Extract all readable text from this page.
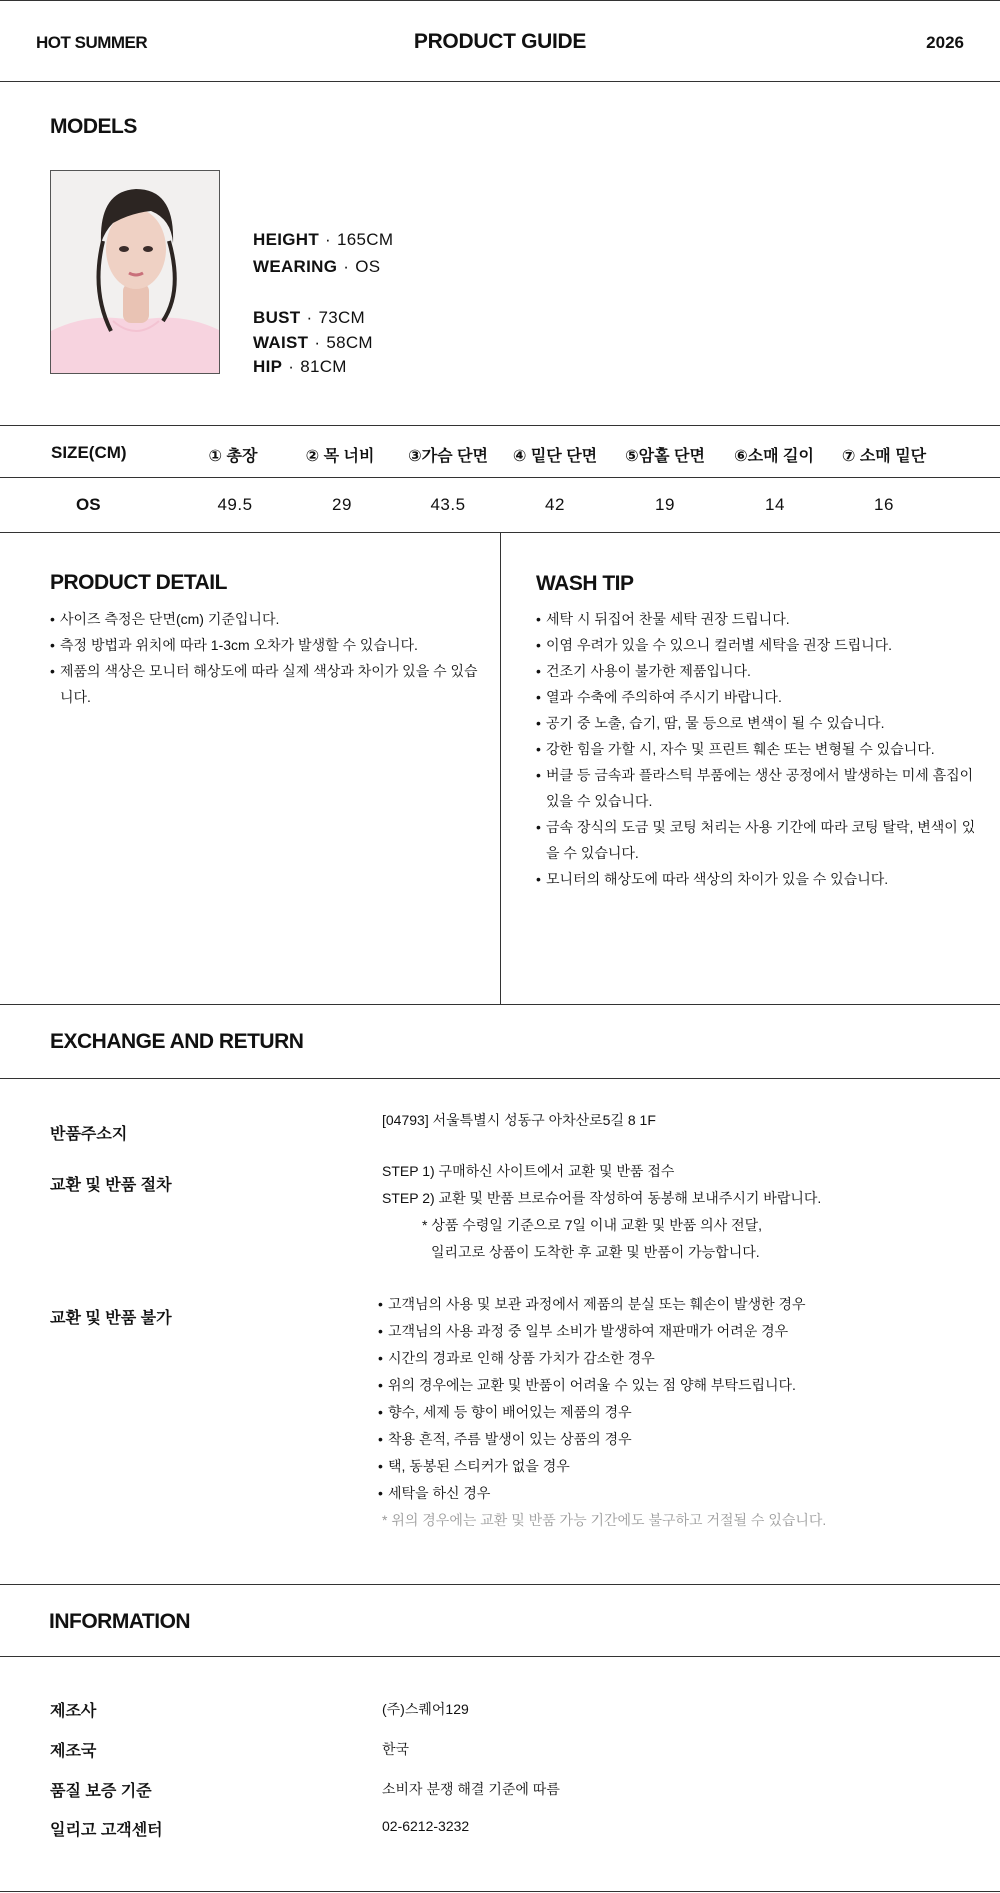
HOT SUMMER	PRODUCT GUIDE	2026
MODELS
HEIGHT · 165CM
WEARING · OS
BUST · 73CM
WAIST · 58CM
HIP · 81CM
SIZE(CM)	① 총장	② 목 너비	③가슴 단면	④ 밑단 단면	⑤암홀 단면	⑥소매 길이	⑦ 소매 밑단
OS	49.5	29	43.5	42	19	14	16
PRODUCT DETAIL
• 사이즈 측정은 단면(cm) 기준입니다.
• 측정 방법과 위치에 따라 1-3cm 오차가 발생할 수 있습니다.
• 제품의 색상은 모니터 해상도에 따라 실제 색상과 차이가 있을 수 있습니다.
WASH TIP
• 세탁 시 뒤집어 찬물 세탁 권장 드립니다.
• 이염 우려가 있을 수 있으니 컬러별 세탁을 권장 드립니다.
• 건조기 사용이 불가한 제품입니다.
• 열과 수축에 주의하여 주시기 바랍니다.
• 공기 중 노출, 습기, 땀, 물 등으로 변색이 될 수 있습니다.
• 강한 힘을 가할 시, 자수 및 프린트 훼손 또는 변형될 수 있습니다.
• 버클 등 금속과 플라스틱 부품에는 생산 공정에서 발생하는 미세 흠집이 있을 수 있습니다.
• 금속 장식의 도금 및 코팅 처리는 사용 기간에 따라 코팅 탈락, 변색이 있을 수 있습니다.
• 모니터의 해상도에 따라 색상의 차이가 있을 수 있습니다.
EXCHANGE AND RETURN
반품주소지
[04793] 서울특별시 성동구 아차산로5길 8 1F
교환 및 반품 절차
STEP 1) 구매하신 사이트에서 교환 및 반품 접수
STEP 2) 교환 및 반품 브로슈어를 작성하여 동봉해 보내주시기 바랍니다.
* 상품 수령일 기준으로 7일 이내 교환 및 반품 의사 전달,
일리고로 상품이 도착한 후 교환 및 반품이 가능합니다.
교환 및 반품 불가
• 고객님의 사용 및 보관 과정에서 제품의 분실 또는 훼손이 발생한 경우
• 고객님의 사용 과정 중 일부 소비가 발생하여 재판매가 어려운 경우
• 시간의 경과로 인해 상품 가치가 감소한 경우
• 위의 경우에는 교환 및 반품이 어려울 수 있는 점 양해 부탁드립니다.
• 향수, 세제 등 향이 배어있는 제품의 경우
• 착용 흔적, 주름 발생이 있는 상품의 경우
• 택, 동봉된 스티커가 없을 경우
• 세탁을 하신 경우
* 위의 경우에는 교환 및 반품 가능 기간에도 불구하고 거절될 수 있습니다.
INFORMATION
제조사	(주)스퀘어129
제조국	한국
품질 보증 기준	소비자 분쟁 해결 기준에 따름
일리고 고객센터	02-6212-3232
